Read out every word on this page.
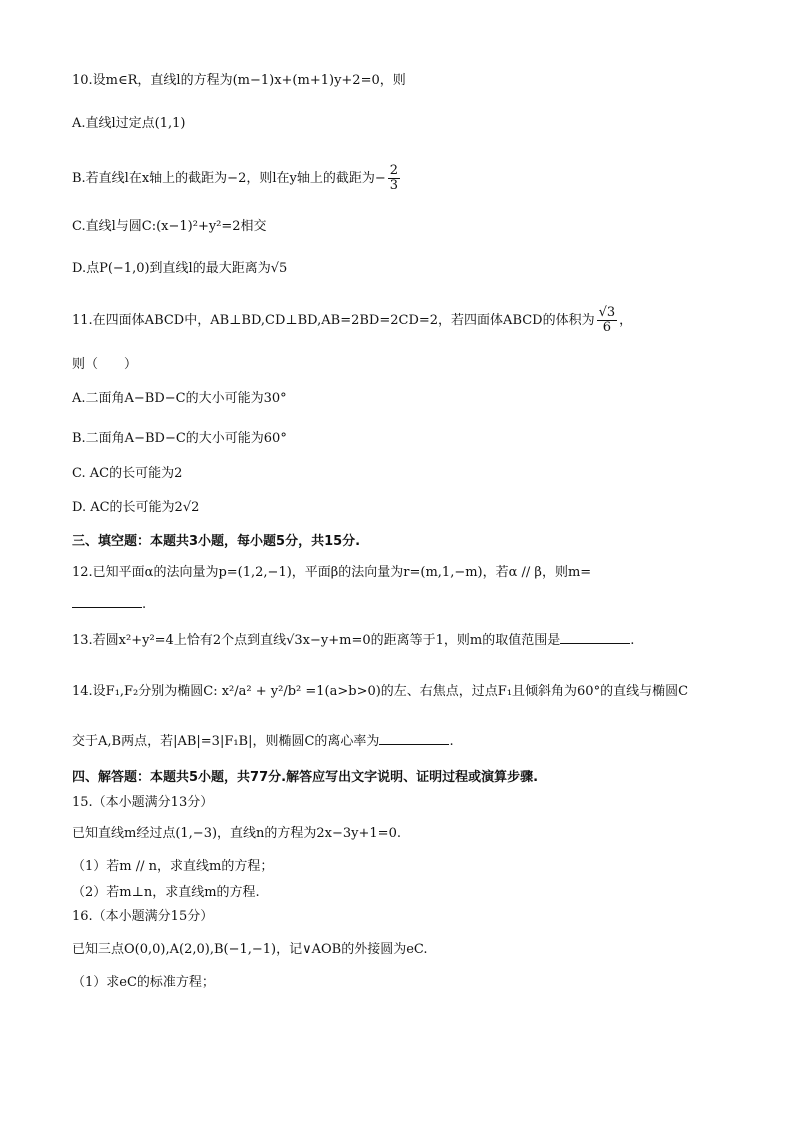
10.设m∈R，直线l的方程为(m−1)x+(m+1)y+2=0，则
A.直线l过定点(1,1)
B.若直线l在x轴上的截距为−2，则l在y轴上的截距为− $\frac{2}{3}$
C.直线l与圆C:(x−1)²+y²=2相交
D.点P(−1,0)到直线l的最大距离为√5
11.在四面体ABCD中，AB⊥BD,CD⊥BD,AB=2BD=2CD=2，若四面体ABCD的体积为 $\frac{√3}{6}$ ，
则（　　）
A.二面角A−BD−C的大小可能为30°
B.二面角A−BD−C的大小可能为60°
C. AC的长可能为2
D. AC的长可能为2√2
三、填空题：本题共3小题，每小题5分，共15分.
12.已知平面α的法向量为p=(1,2,−1)，平面β的法向量为r=(m,1,−m)，若α // β，则m=
.
13.若圆x²+y²=4上恰有2个点到直线√3x−y+m=0的距离等于1，则m的取值范围是	.
14.设F₁,F₂分别为椭圆C: x²/a² + y²/b² =1(a>b>0)的左、右焦点，过点F₁且倾斜角为60°的直线与椭圆C
交于A,B两点，若|AB|=3|F₁B|，则椭圆C的离心率为	.
四、解答题：本题共5小题，共77分.解答应写出文字说明、证明过程或演算步骤.
15.（本小题满分13分）
已知直线m经过点(1,−3)，直线n的方程为2x−3y+1=0.
（1）若m // n，求直线m的方程；
（2）若m⊥n，求直线m的方程.
16.（本小题满分15分）
已知三点O(0,0),A(2,0),B(−1,−1)，记∨AOB的外接圆为eC.
（1）求eC的标准方程；
